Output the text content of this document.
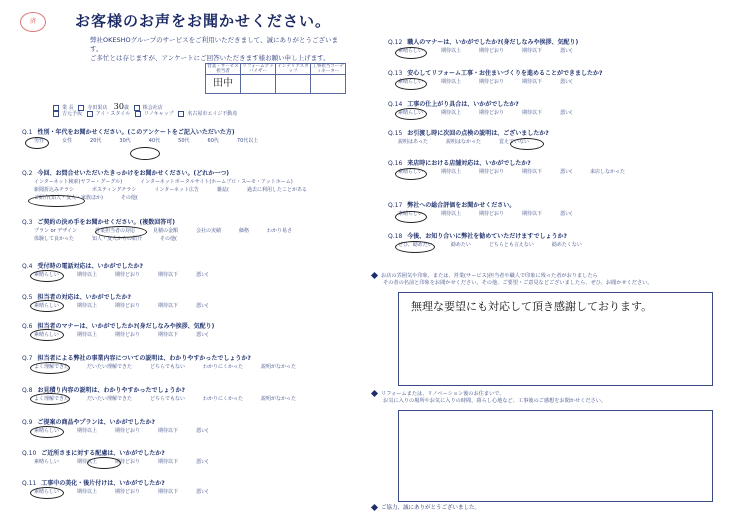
済	お客様のお声をお聞かせください。
弊社OKESHOグループのサービスをご利用いただきまして、誠にありがとうございます。
ご多忙とは存じますが、アンケートにご回答いただきます様お願い申し上げます。
営業・サービス担当者	リフォームアドバイザー	インテリアスタッフ	工事担当コーディネーター
田中			
業 長	寺田果店 30歳	株会社店
吉元予坂	アイ・スタイル	リノキャップ	名古屋市エイジ不動産
Q.1 性別・年代をお聞かせください。(このアンケートをご記入いただいた方)
男性	女性	20代	30代	40代	50代	60代	70代以上
Q.2 今回、お問合せいただいたきっかけをお聞かせください。(どれか一つ)
インターネット検索(ヤフー・グーグル)	インターネットポータルサイト(ホームプロ・スーモ・アットホーム)新聞折込みチラシ	ポスティングチラシ	インターネット広告	雑誌(	過去に利用したことがあるご紹介(知人・友人・家族ほか)	その他(
Q.3 ご契約の決め手をお聞かせください。(複数回答可)
プラン or デザイン	営業担当者の対応	見積の金額	会社の実績	価格	わかり易さ体験して良かった	知人・友人からの紹介	その他(
Q.4 受付時の電話対応は、いかがでしたか?
素晴らしい	期待以上	期待どおり	期待以下	悪い(
Q.5 担当者の対応は、いかがでしたか?
素晴らしい	期待以上	期待どおり	期待以下	悪い(
Q.6 担当者のマナーは、いかがでしたか?(身だしなみや挨拶、気配り)
素晴らしい	期待以上	期待どおり	期待以下	悪い(
Q.7 担当者による弊社の事業内容についての説明は、わかりやすかったでしょうか?
よく理解できた	だいたい理解できた	どちらでもない	わかりにくかった	説明がなかった
Q.8 お見積り内容の説明は、わかりやすかったでしょうか?
よく理解できた	だいたい理解できた	どちらでもない	わかりにくかった	説明がなかった
Q.9 ご提案の商品やプランは、いかがでしたか?
素晴らしい	期待以上	期待どおり	期待以下	悪い(
Q.10 ご近所さまに対する配慮は、いかがでしたか?
素晴らしい	期待以上	期待どおり	期待以下	悪い(
Q.11 工事中の美化・後片付けは、いかがでしたか?
素晴らしい	期待以上	期待どおり	期待以下	悪い(
Q.12 職人のマナーは、いかがでしたか?(身だしなみや挨拶、気配り)
素晴らしい	期待以上	期待どおり	期待以下	悪い(
Q.13 安心してリフォーム工事・お住まいづくりを進めることができましたか?
素晴らしい	期待以上	期待どおり	期待以下	悪い(
Q.14 工事の仕上がり具合は、いかがでしたか?
素晴らしい	期待以上	期待どおり	期待以下	悪い(
Q.15 お引渡し時に次回の点検の説明は、ございましたか?
説明はあった	説明はなかった	覚えていない
Q.16 来店時における店舗対応は、いかがでしたか?
素晴らしい	期待以上	期待どおり	期待以下	悪い(	来店しなかった
Q.17 弊社への総合評価をお聞かせください。
素晴らしい	期待以上	期待どおり	期待以下	悪い(
Q.18 今後、お知り合いに弊社を勧めていただけますでしょうか?
ぜひ、勧めたい	勧めたい	どちらとも言えない	勧めたくない
お店の雰囲気や印象、または、営業(サービス)担当者や職人で印象に残った者がおりましたら
その者の名前と印象をお聞かせください。その他、ご要望・ご意見などございましたら、ぜひ、お聞かせください。
無理な要望にも対応して頂き感謝しております。
リフォームまたは、リノベーション後のお住まいで、
お気に入りの場所やお気に入りの時間、暮らし心地など、工事後のご感想をお聞かせください。
ご協力、誠にありがとうございました。
